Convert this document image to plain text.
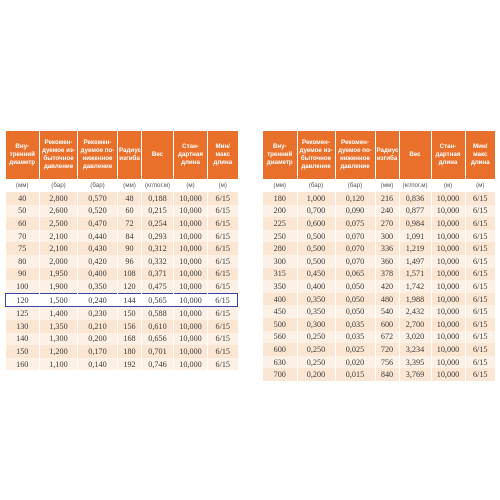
Вну-
тренний
диаметр	Рекомен-
дуемое из-
быточное
давление	Рекомен-
дуемое по-
ниженное
давление	Радиус
изгиба	Вес	Стан-
дартная
длина	Мин/
макс
длина
(мм)	(бар)	(бар)	(мм)	(кг/пог.м)	(м)	(м)
40	2,800	0,570	48	0,188	10,000	6/15
50	2,600	0,520	60	0,215	10,000	6/15
60	2,500	0,470	72	0,254	10,000	6/15
70	2,100	0,440	84	0,293	10,000	6/15
75	2,100	0,430	90	0,312	10,000	6/15
80	2,000	0,420	96	0,332	10,000	6/15
90	1,950	0,400	108	0,371	10,000	6/15
100	1,900	0,350	120	0,475	10,000	6/15
120	1,500	0,240	144	0,565	10,000	6/15
125	1,400	0,230	150	0,588	10,000	6/15
130	1,350	0,210	156	0,610	10,000	6/15
140	1,300	0,200	168	0,656	10,000	6/15
150	1,200	0,170	180	0,701	10,000	6/15
160	1,100	0,140	192	0,746	10,000	6/15
Вну-
тренний
диаметр	Рекомен-
дуемое из-
быточное
давление	Рекомен-
дуемое по-
ниженное
давление	Радиус
изгиба	Вес	Стан-
дартная
длина	Мин/
макс
длина
(мм)	(бар)	(бар)	(мм)	(кг/пог.м)	(м)	(м)
180	1,000	0,120	216	0,836	10,000	6/15
200	0,700	0,090	240	0,877	10,000	6/15
225	0,600	0,075	270	0,984	10,000	6/15
250	0,500	0,070	300	1,091	10,000	6/15
280	0,500	0,070	336	1,219	10,000	6/15
300	0,500	0,070	360	1,497	10,000	6/15
315	0,450	0,065	378	1,571	10,000	6/15
350	0,400	0,050	420	1,742	10,000	6/15
400	0,350	0,050	480	1,988	10,000	6/15
450	0,350	0,050	540	2,432	10,000	6/15
500	0,300	0,035	600	2,700	10,000	6/15
560	0,250	0,035	672	3,020	10,000	6/15
600	0,250	0,025	720	3,234	10,000	6/15
630	0,250	0,020	756	3,395	10,000	6/15
700	0,200	0,015	840	3,769	10,000	6/15
